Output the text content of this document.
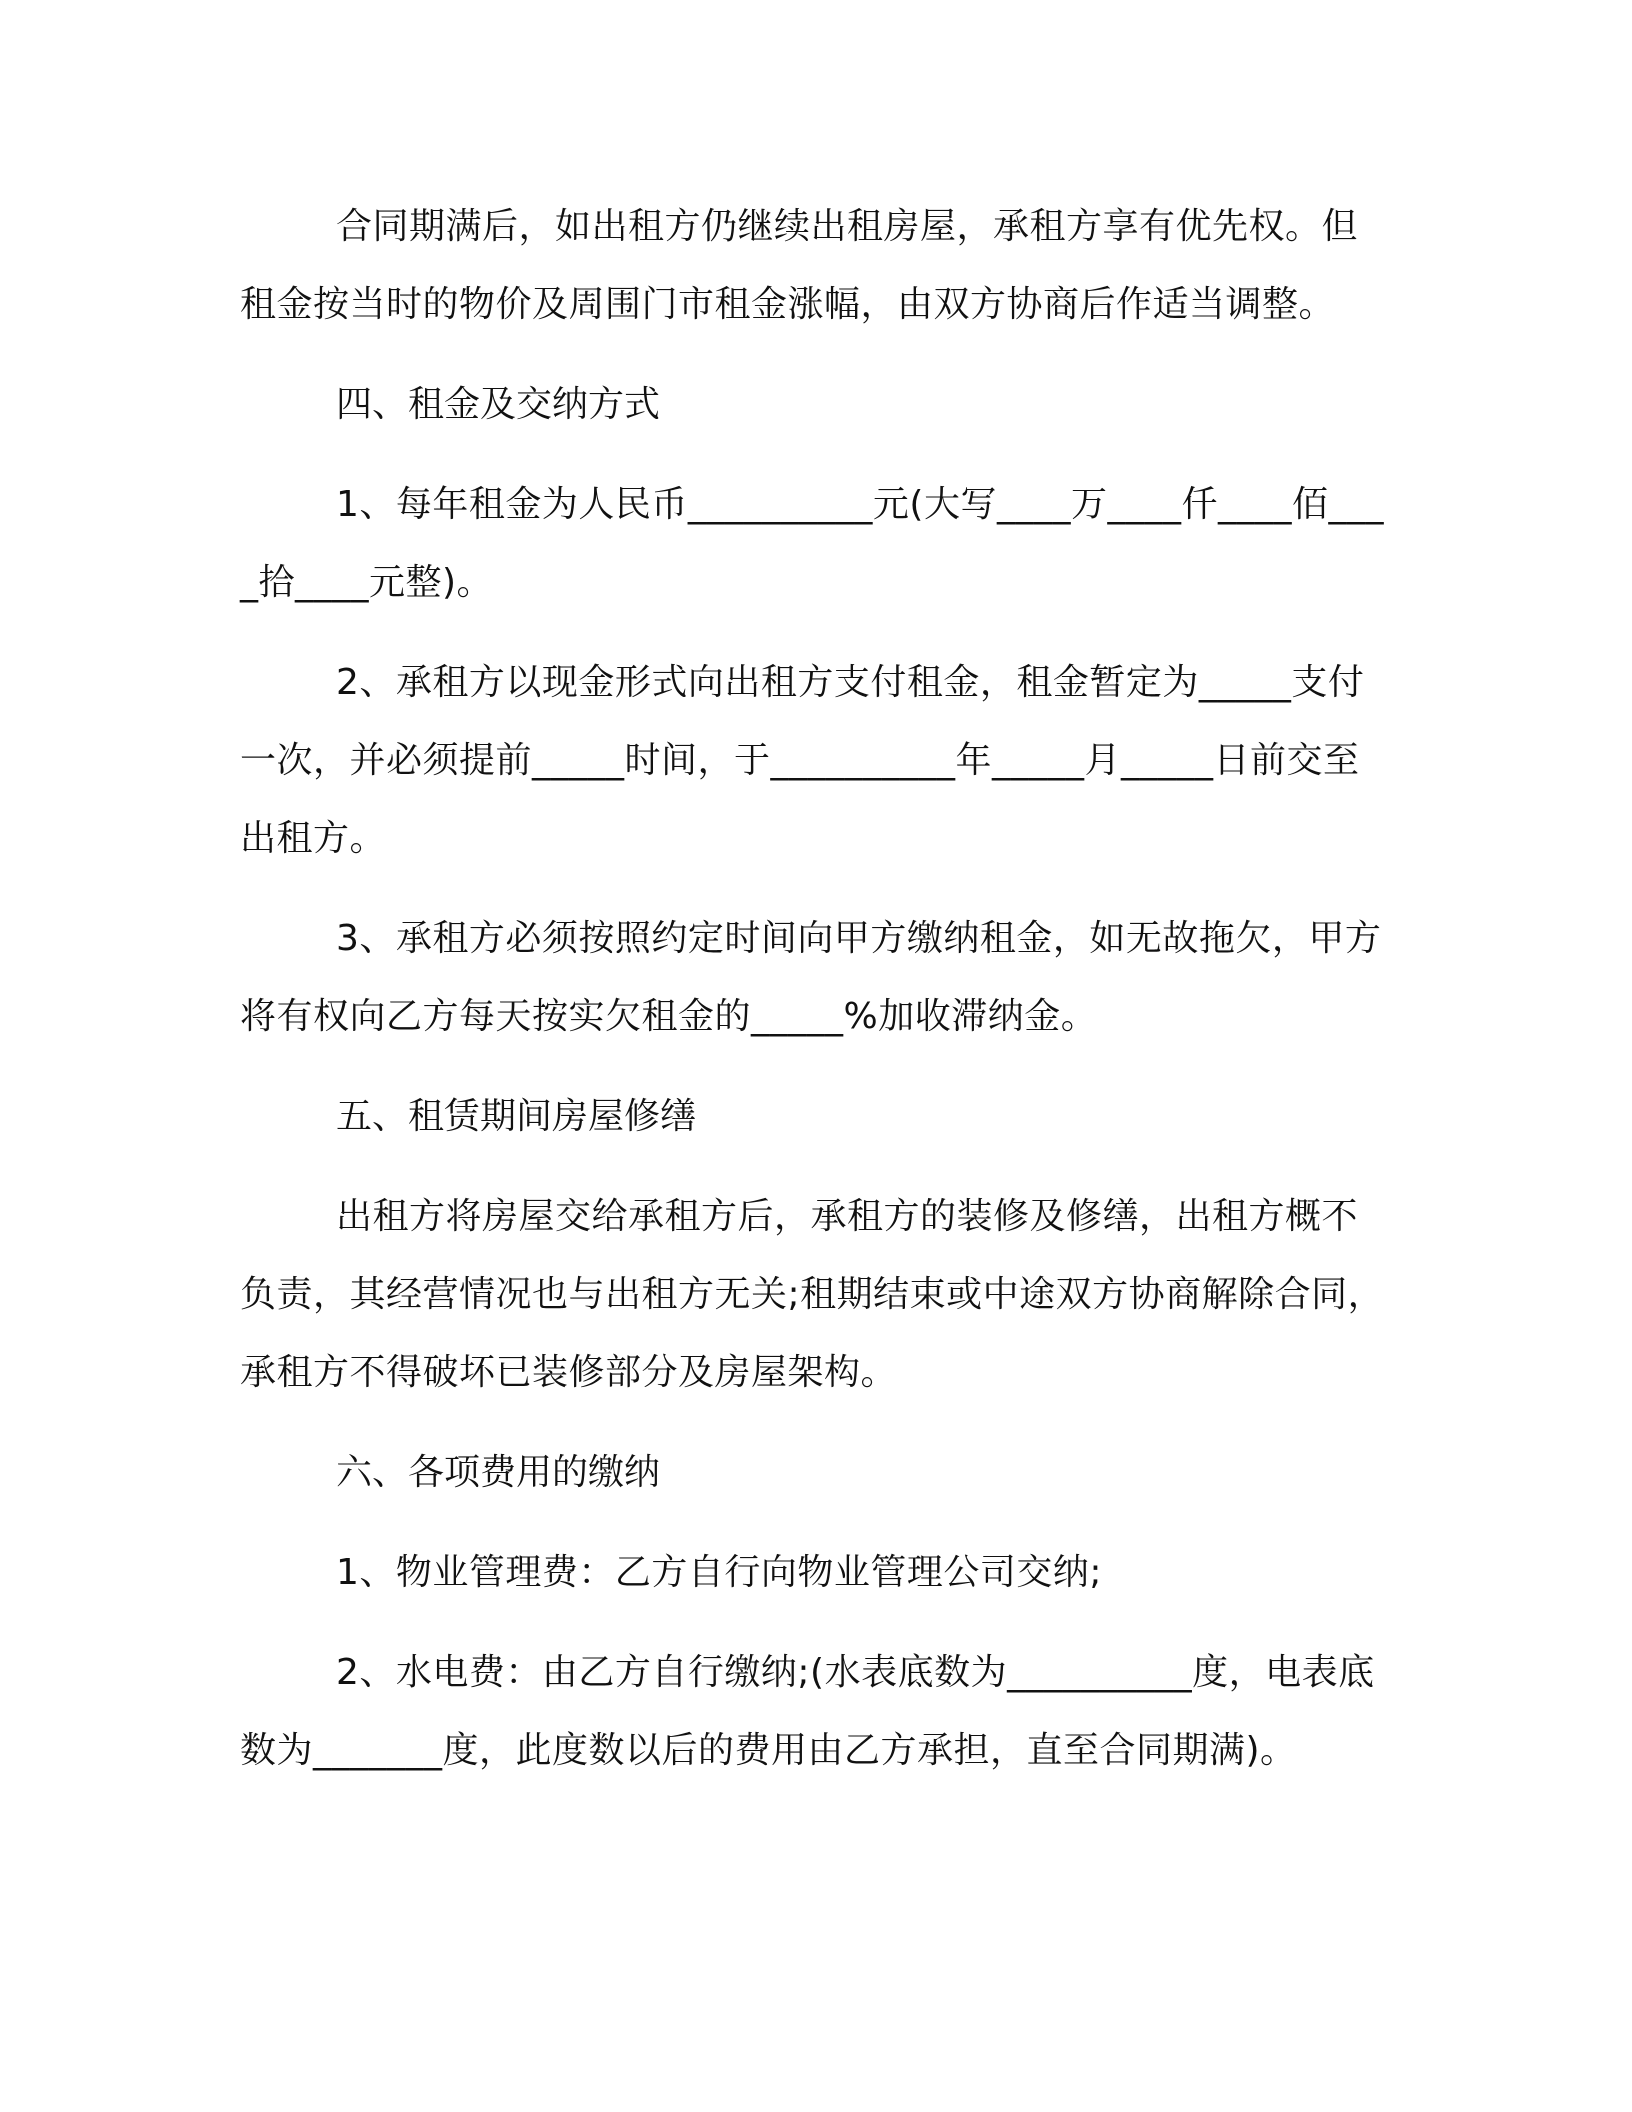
合同期满后，如出租方仍继续出租房屋，承租方享有优先权。但租金按当时的物价及周围门市租金涨幅，由双方协商后作适当调整。

四、租金及交纳方式

1、每年租金为人民币__________元(大写____万____仟____佰____拾____元整)。

2、承租方以现金形式向出租方支付租金，租金暂定为_____支付一次，并必须提前_____时间，于__________年_____月_____日前交至出租方。

3、承租方必须按照约定时间向甲方缴纳租金，如无故拖欠，甲方将有权向乙方每天按实欠租金的_____%加收滞纳金。

五、租赁期间房屋修缮

出租方将房屋交给承租方后，承租方的装修及修缮，出租方概不负责，其经营情况也与出租方无关;租期结束或中途双方协商解除合同，承租方不得破坏已装修部分及房屋架构。

六、各项费用的缴纳

1、物业管理费：乙方自行向物业管理公司交纳;

2、水电费：由乙方自行缴纳;(水表底数为__________度，电表底数为_______度，此度数以后的费用由乙方承担，直至合同期满)。
